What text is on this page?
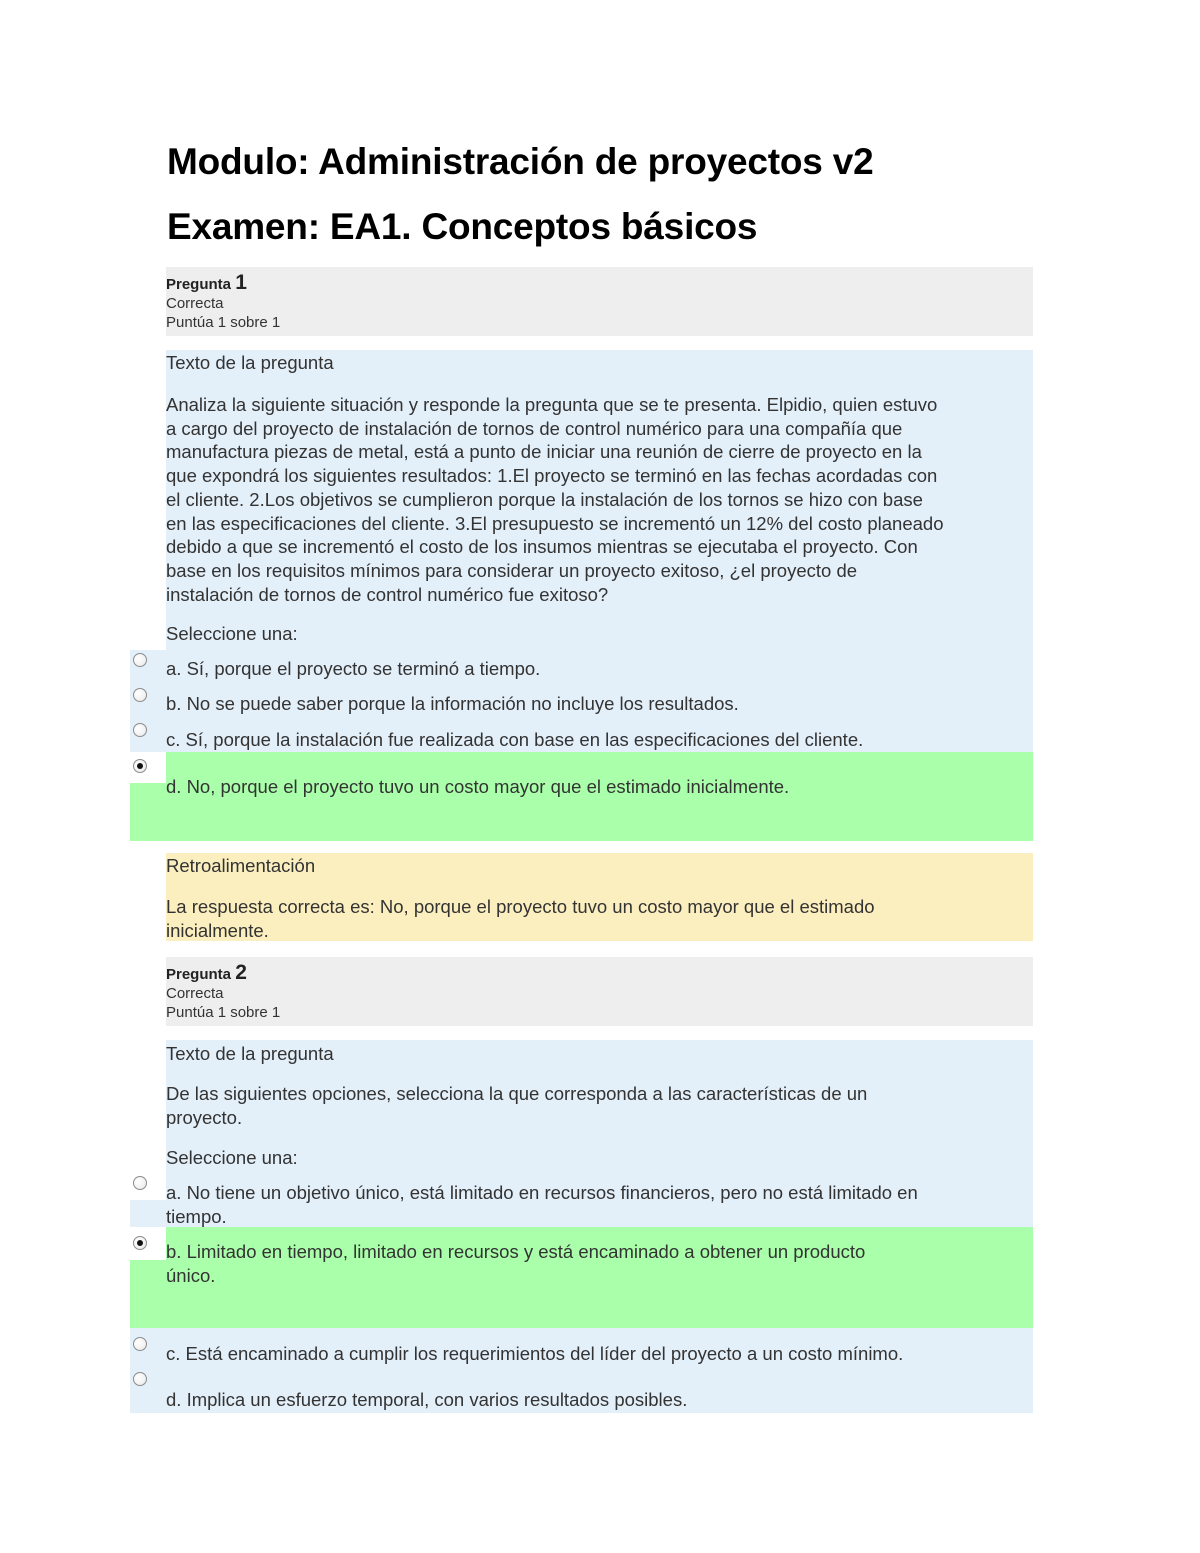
Modulo: Administración de proyectos v2
Examen: EA1. Conceptos básicos
Pregunta 1
Correcta
Puntúa 1 sobre 1
Texto de la pregunta
Analiza la siguiente situación y responde la pregunta que se te presenta. Elpidio, quien estuvo
a cargo del proyecto de instalación de tornos de control numérico para una compañía que
manufactura piezas de metal, está a punto de iniciar una reunión de cierre de proyecto en la
que expondrá los siguientes resultados: 1.El proyecto se terminó en las fechas acordadas con
el cliente. 2.Los objetivos se cumplieron porque la instalación de los tornos se hizo con base
en las especificaciones del cliente. 3.El presupuesto se incrementó un 12% del costo planeado
debido a que se incrementó el costo de los insumos mientras se ejecutaba el proyecto. Con
base en los requisitos mínimos para considerar un proyecto exitoso, ¿el proyecto de
instalación de tornos de control numérico fue exitoso?
Seleccione una:
a. Sí, porque el proyecto se terminó a tiempo.
b. No se puede saber porque la información no incluye los resultados.
c. Sí, porque la instalación fue realizada con base en las especificaciones del cliente.
d. No, porque el proyecto tuvo un costo mayor que el estimado inicialmente.
Retroalimentación
La respuesta correcta es: No, porque el proyecto tuvo un costo mayor que el estimado
inicialmente.
Pregunta 2
Correcta
Puntúa 1 sobre 1
Texto de la pregunta
De las siguientes opciones, selecciona la que corresponda a las características de un
proyecto.
Seleccione una:
a. No tiene un objetivo único, está limitado en recursos financieros, pero no está limitado en
tiempo.
b. Limitado en tiempo, limitado en recursos y está encaminado a obtener un producto
único.
c. Está encaminado a cumplir los requerimientos del líder del proyecto a un costo mínimo.
d. Implica un esfuerzo temporal, con varios resultados posibles.
